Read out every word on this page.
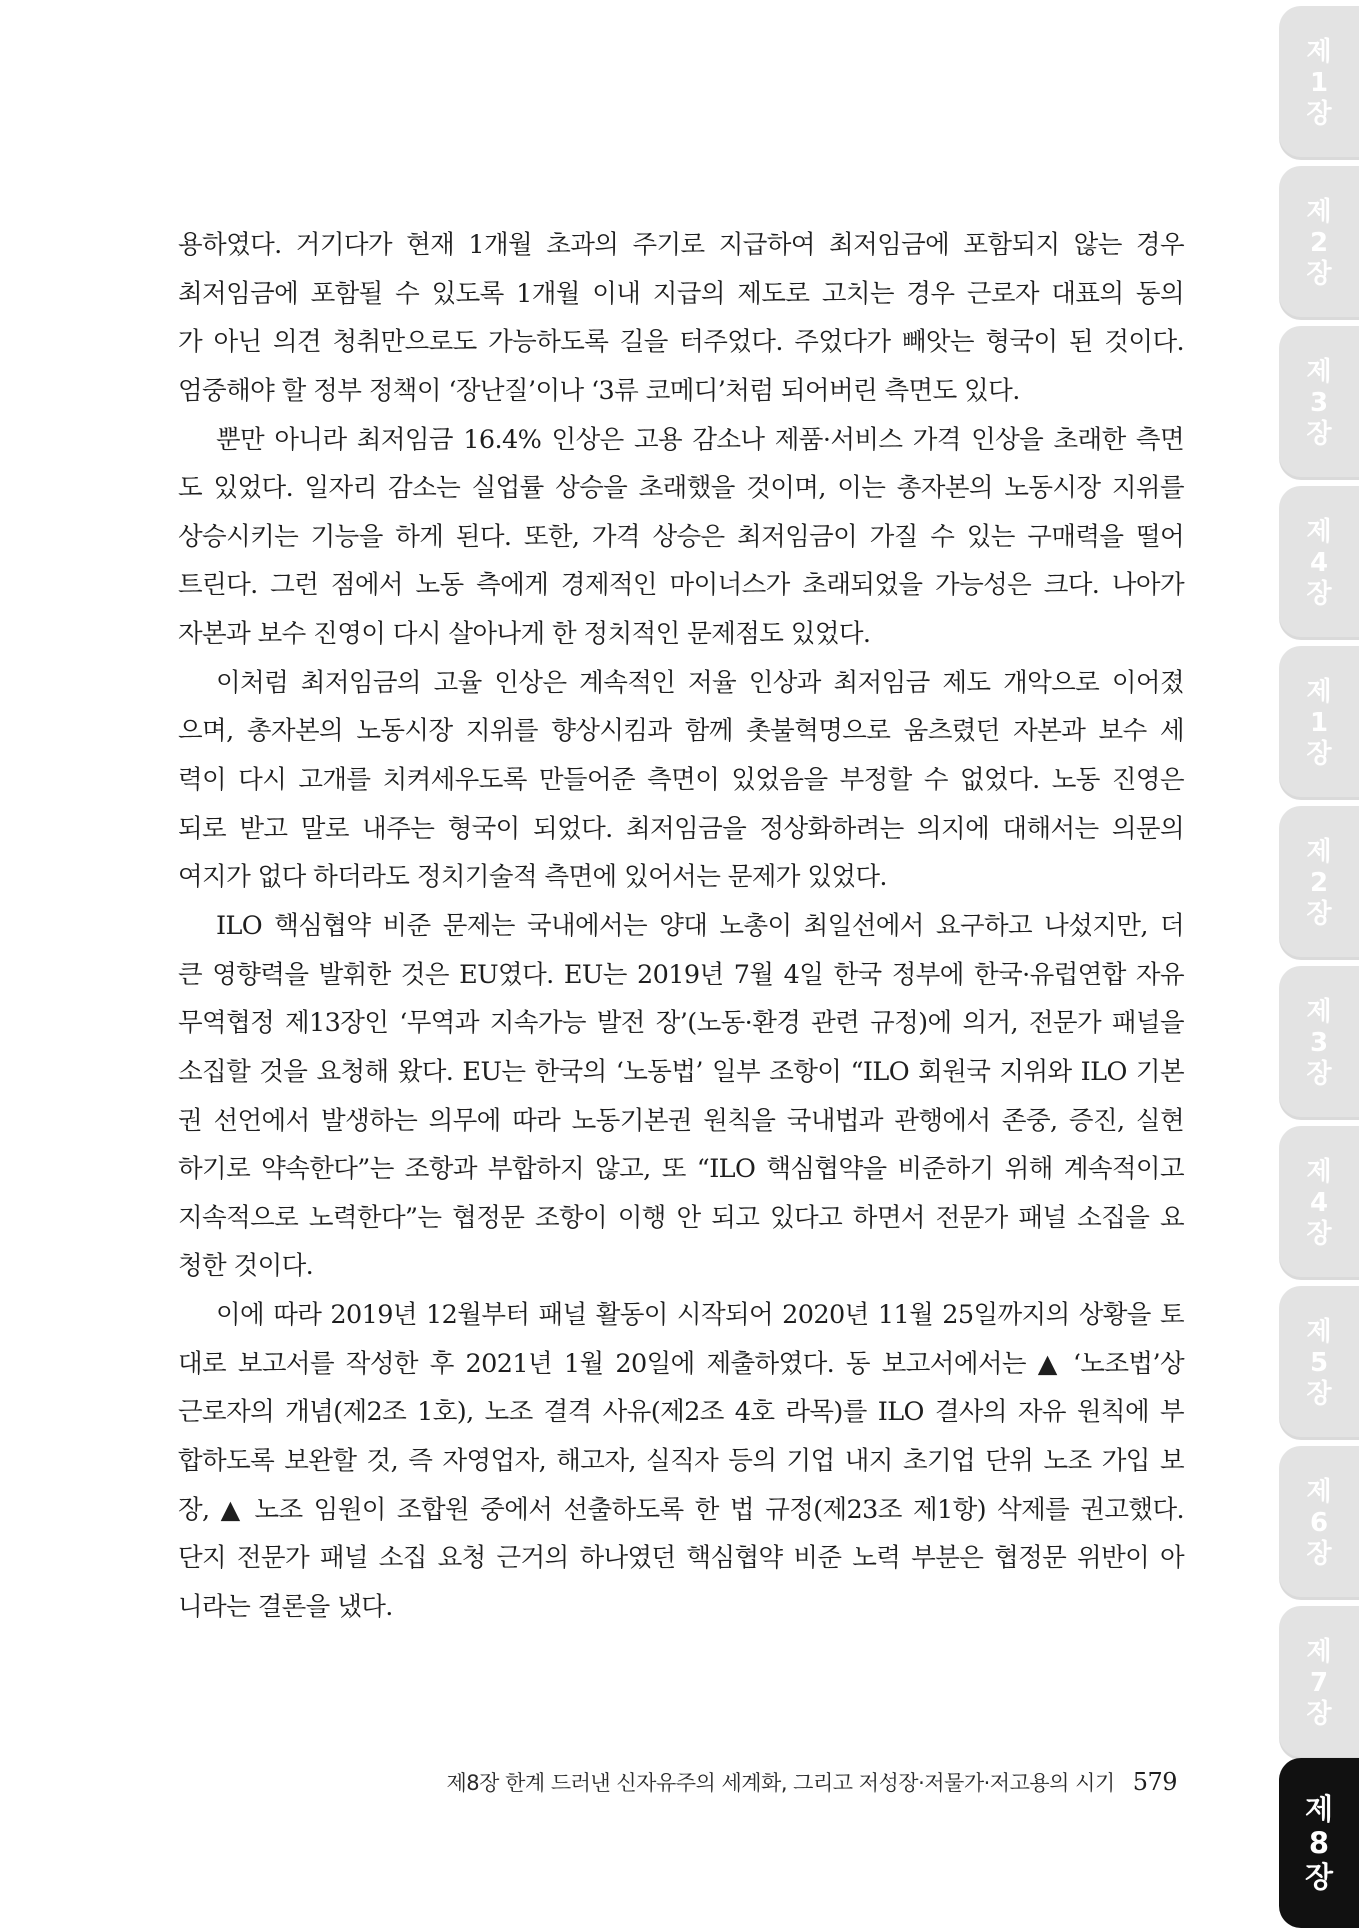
용하였다. 거기다가 현재 1개월 초과의 주기로 지급하여 최저임금에 포함되지 않는 경우
최저임금에 포함될 수 있도록 1개월 이내 지급의 제도로 고치는 경우 근로자 대표의 동의
가 아닌 의견 청취만으로도 가능하도록 길을 터주었다. 주었다가 빼앗는 형국이 된 것이다.
엄중해야 할 정부 정책이 ‘장난질’이나 ‘3류 코메디’처럼 되어버린 측면도 있다.
뿐만 아니라 최저임금 16.4% 인상은 고용 감소나 제품·서비스 가격 인상을 초래한 측면
도 있었다. 일자리 감소는 실업률 상승을 초래했을 것이며, 이는 총자본의 노동시장 지위를
상승시키는 기능을 하게 된다. 또한, 가격 상승은 최저임금이 가질 수 있는 구매력을 떨어
트린다. 그런 점에서 노동 측에게 경제적인 마이너스가 초래되었을 가능성은 크다. 나아가
자본과 보수 진영이 다시 살아나게 한 정치적인 문제점도 있었다.
이처럼 최저임금의 고율 인상은 계속적인 저율 인상과 최저임금 제도 개악으로 이어졌
으며, 총자본의 노동시장 지위를 향상시킴과 함께 촛불혁명으로 움츠렸던 자본과 보수 세
력이 다시 고개를 치켜세우도록 만들어준 측면이 있었음을 부정할 수 없었다. 노동 진영은
되로 받고 말로 내주는 형국이 되었다. 최저임금을 정상화하려는 의지에 대해서는 의문의
여지가 없다 하더라도 정치기술적 측면에 있어서는 문제가 있었다.
ILO 핵심협약 비준 문제는 국내에서는 양대 노총이 최일선에서 요구하고 나섰지만, 더
큰 영향력을 발휘한 것은 EU였다. EU는 2019년 7월 4일 한국 정부에 한국·유럽연합 자유
무역협정 제13장인 ‘무역과 지속가능 발전 장’(노동·환경 관련 규정)에 의거, 전문가 패널을
소집할 것을 요청해 왔다. EU는 한국의 ‘노동법’ 일부 조항이 “ILO 회원국 지위와 ILO 기본
권 선언에서 발생하는 의무에 따라 노동기본권 원칙을 국내법과 관행에서 존중, 증진, 실현
하기로 약속한다”는 조항과 부합하지 않고, 또 “ILO 핵심협약을 비준하기 위해 계속적이고
지속적으로 노력한다”는 협정문 조항이 이행 안 되고 있다고 하면서 전문가 패널 소집을 요
청한 것이다.
이에 따라 2019년 12월부터 패널 활동이 시작되어 2020년 11월 25일까지의 상황을 토
대로 보고서를 작성한 후 2021년 1월 20일에 제출하였다. 동 보고서에서는 ▲ ‘노조법’상
근로자의 개념(제2조 1호), 노조 결격 사유(제2조 4호 라목)를 ILO 결사의 자유 원칙에 부
합하도록 보완할 것, 즉 자영업자, 해고자, 실직자 등의 기업 내지 초기업 단위 노조 가입 보
장, ▲ 노조 임원이 조합원 중에서 선출하도록 한 법 규정(제23조 제1항) 삭제를 권고했다.
단지 전문가 패널 소집 요청 근거의 하나였던 핵심협약 비준 노력 부분은 협정문 위반이 아
니라는 결론을 냈다.
제8장 한계 드러낸 신자유주의 세계화, 그리고 저성장·저물가·저고용의 시기 579
제
1
장
제
2
장
제
3
장
제
4
장
제
1
장
제
2
장
제
3
장
제
4
장
제
5
장
제
6
장
제
7
장
제
8
장
